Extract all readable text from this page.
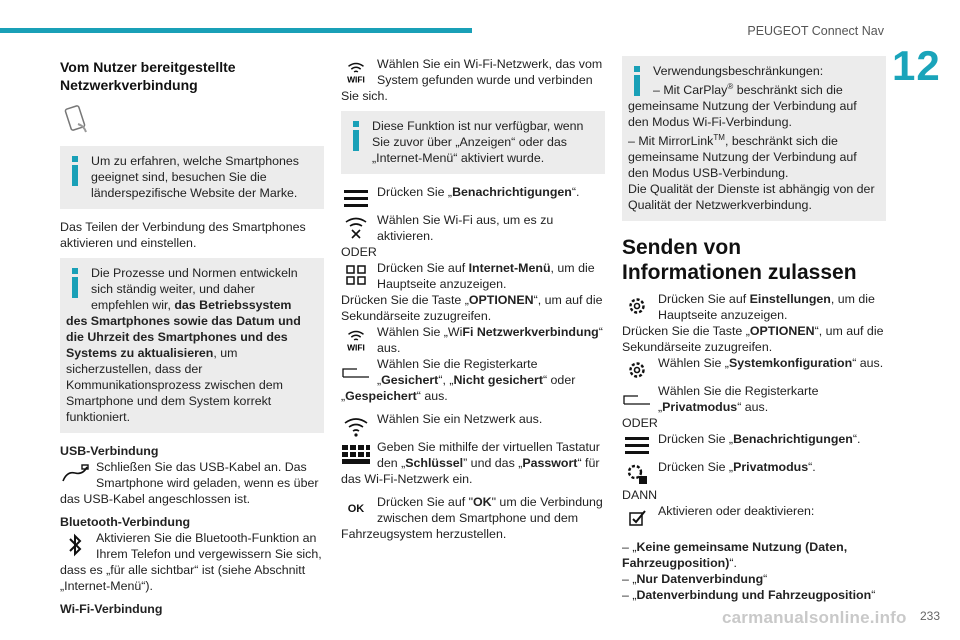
PEUGEOT Connect Nav
12
carmanualsonline.info 233

Vom Nutzer bereitgestellte Netzwerkverbindung

Um zu erfahren, welche Smartphones geeignet sind, besuchen Sie die länderspezifische Website der Marke.

Das Teilen der Verbindung des Smartphones aktivieren und einstellen.

Die Prozesse und Normen entwickeln sich ständig weiter, und daher empfehlen wir, das Betriebssystem des Smartphones sowie das Datum und die Uhrzeit des Smartphones und des Systems zu aktualisieren, um sicherzustellen, dass der Kommunikationsprozess zwischen dem Smartphone und dem System korrekt funktioniert.

USB-Verbindung

Schließen Sie das USB-Kabel an. Das Smartphone wird geladen, wenn es über das USB-Kabel angeschlossen ist.

Bluetooth-Verbindung

Aktivieren Sie die Bluetooth-Funktion an Ihrem Telefon und vergewissern Sie sich, dass es „für alle sichtbar“ ist (siehe Abschnitt „Internet-Menü“).

Wi-Fi-Verbindung

WIFI

Wählen Sie ein Wi-Fi-Netzwerk, das vom System gefunden wurde und verbinden Sie sich.

Diese Funktion ist nur verfügbar, wenn Sie zuvor über „Anzeigen“ oder das „Internet-Menü“ aktiviert wurde.

Drücken Sie „Benachrichtigungen“.

Wählen Sie Wi-Fi aus, um es zu aktivieren.

ODER

Drücken Sie auf Internet-Menü, um die Hauptseite anzuzeigen.

Drücken Sie die Taste „OPTIONEN“, um auf die Sekundärseite zuzugreifen.

WIFI

Wählen Sie „WiFi Netzwerkverbindung“ aus.

Wählen Sie die Registerkarte „Gesichert“, „Nicht gesichert“ oder „Gespeichert“ aus.

Wählen Sie ein Netzwerk aus.

Geben Sie mithilfe der virtuellen Tastatur den „Schlüssel” und das „Passwort“ für das Wi-Fi-Netzwerk ein.

OK	Drücken Sie auf "OK" um die Verbindung zwischen dem Smartphone und dem Fahrzeugsystem herzustellen.

Verwendungsbeschränkungen:
– Mit CarPlay® beschränkt sich die gemeinsame Nutzung der Verbindung auf den Modus Wi-Fi-Verbindung.
– Mit MirrorLink™, beschränkt sich die gemeinsame Nutzung der Verbindung auf den Modus USB-Verbindung.
Die Qualität der Dienste ist abhängig von der Qualität der Netzwerkverbindung.

Senden von Informationen zulassen

Drücken Sie auf Einstellungen, um die Hauptseite anzuzeigen.

Drücken Sie die Taste „OPTIONEN“, um auf die Sekundärseite zuzugreifen.

Wählen Sie „Systemkonfiguration“ aus.

Wählen Sie die Registerkarte „Privatmodus“ aus.

ODER

Drücken Sie „Benachrichtigungen“.

Drücken Sie „Privatmodus“.

DANN

Aktivieren oder deaktivieren:

– „Keine gemeinsame Nutzung (Daten, Fahrzeugposition)“.

– „Nur Datenverbindung“

– „Datenverbindung und Fahrzeugposition“
